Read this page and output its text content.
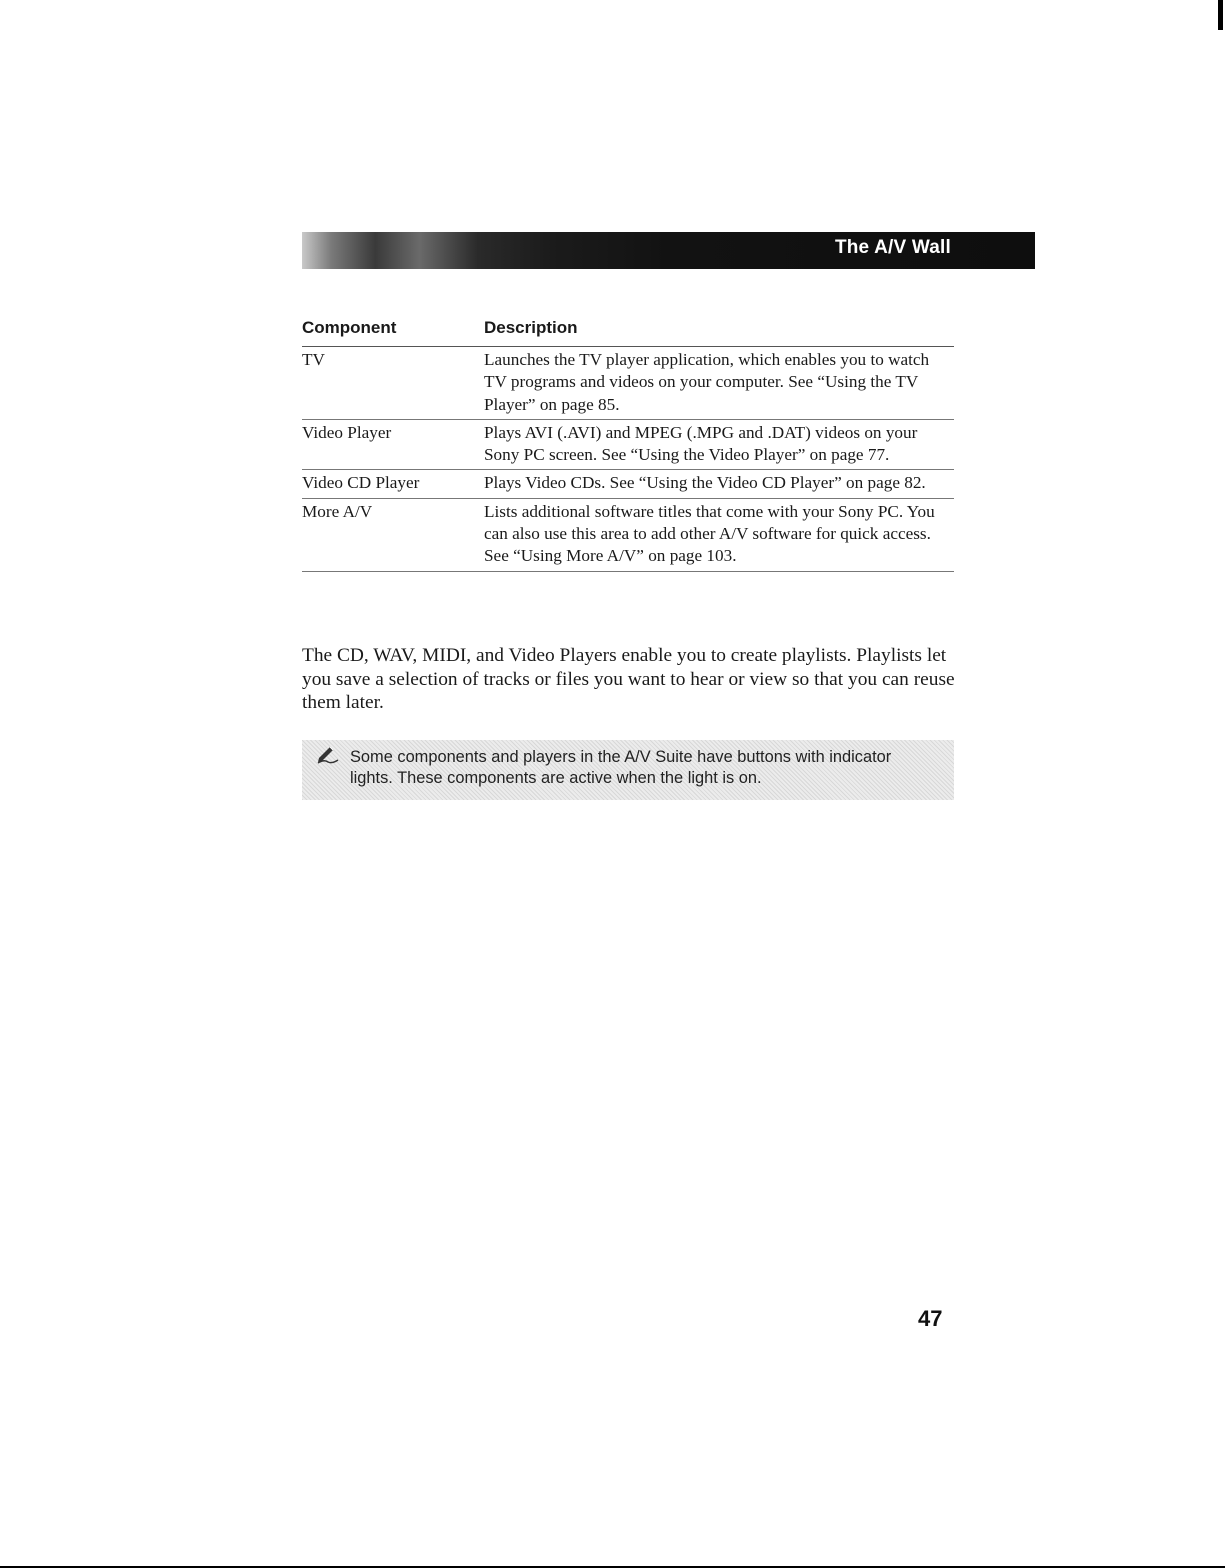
The A/V Wall
Component	Description
TV	Launches the TV player application, which enables you to watch TV programs and videos on your computer. See “Using the TV Player” on page 85.
Video Player	Plays AVI (.AVI) and MPEG (.MPG and .DAT) videos on your Sony PC screen. See “Using the Video Player” on page 77.
Video CD Player	Plays Video CDs. See “Using the Video CD Player” on page 82.
More A/V	Lists additional software titles that come with your Sony PC. You can also use this area to add other A/V software for quick access. See “Using More A/V” on page 103.
The CD, WAV, MIDI, and Video Players enable you to create playlists. Playlists let you save a selection of tracks or files you want to hear or view so that you can reuse them later.
Some components and players in the A/V Suite have buttons with indicator lights. These components are active when the light is on.
47
